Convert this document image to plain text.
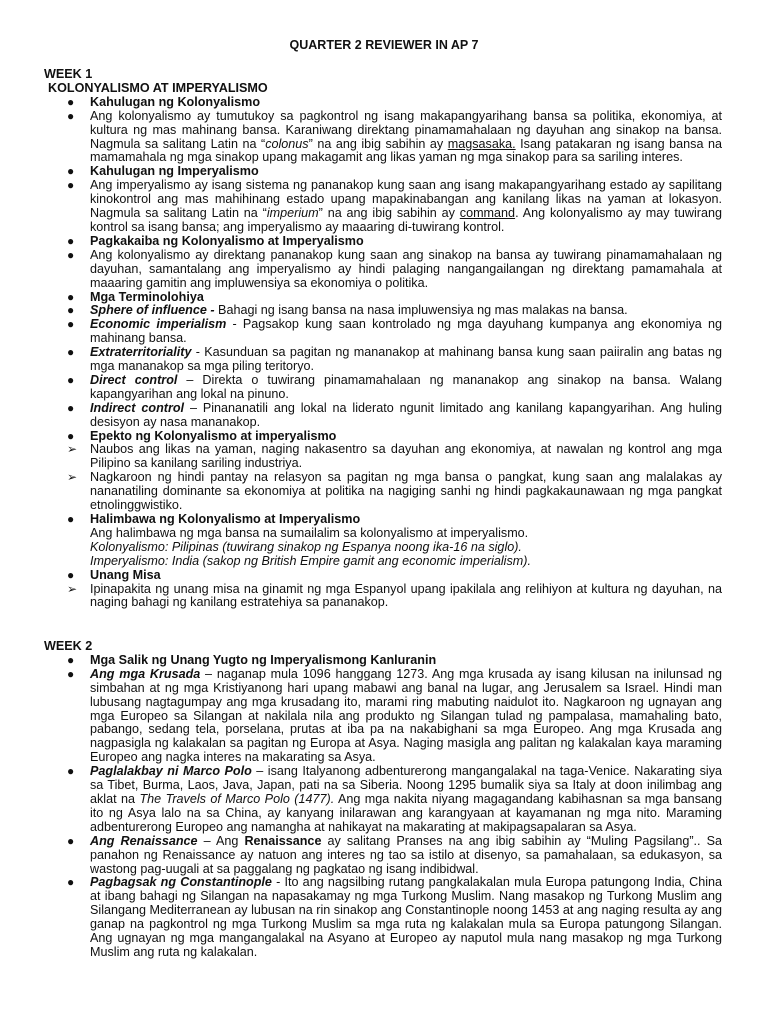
QUARTER 2 REVIEWER IN AP 7
WEEK 1
KOLONYALISMO AT IMPERYALISMO
● Kahulugan ng Kolonyalismo
● Ang kolonyalismo ay tumutukoy sa pagkontrol ng isang makapangyarihang bansa sa politika, ekonomiya, at kultura ng mas mahinang bansa. Karaniwang direktang pinamamahalaan ng dayuhan ang sinakop na bansa. Nagmula sa salitang Latin na “colonus” na ang ibig sabihin ay magsasaka. Isang patakaran ng isang bansa na mamamahala ng mga sinakop upang makagamit ang likas yaman ng mga sinakop para sa sariling interes.
● Kahulugan ng Imperyalismo
● Ang imperyalismo ay isang sistema ng pananakop kung saan ang isang makapangyarihang estado ay sapilitang kinokontrol ang mas mahihinang estado upang mapakinabangan ang kanilang likas na yaman at lokasyon. Nagmula sa salitang Latin na “imperium” na ang ibig sabihin ay command. Ang kolonyalismo ay may tuwirang kontrol sa isang bansa; ang imperyalismo ay maaaring di-tuwirang kontrol.
● Pagkakaiba ng Kolonyalismo at Imperyalismo
● Ang kolonyalismo ay direktang pananakop kung saan ang sinakop na bansa ay tuwirang pinamamahalaan ng dayuhan, samantalang ang imperyalismo ay hindi palaging nangangailangan ng direktang pamamahala at maaaring gamitin ang impluwensiya sa ekonomiya o politika.
● Mga Terminolohiya
● Sphere of influence - Bahagi ng isang bansa na nasa impluwensiya ng mas malakas na bansa.
● Economic imperialism - Pagsakop kung saan kontrolado ng mga dayuhang kumpanya ang ekonomiya ng mahinang bansa.
● Extraterritoriality - Kasunduan sa pagitan ng mananakop at mahinang bansa kung saan paiiralin ang batas ng mga mananakop sa mga piling teritoryo.
● Direct control – Direkta o tuwirang pinamamahalaan ng mananakop ang sinakop na bansa. Walang kapangyarihan ang lokal na pinuno.
● Indirect control – Pinananatili ang lokal na liderato ngunit limitado ang kanilang kapangyarihan. Ang huling desisyon ay nasa mananakop.
● Epekto ng Kolonyalismo at imperyalismo
➢ Naubos ang likas na yaman, naging nakasentro sa dayuhan ang ekonomiya, at nawalan ng kontrol ang mga Pilipino sa kanilang sariling industriya.
➢ Nagkaroon ng hindi pantay na relasyon sa pagitan ng mga bansa o pangkat, kung saan ang malalakas ay nananatiling dominante sa ekonomiya at politika na nagiging sanhi ng hindi pagkakaunawaan ng mga pangkat etnolinggwistiko.
● Halimbawa ng Kolonyalismo at Imperyalismo
Ang halimbawa ng mga bansa na sumailalim sa kolonyalismo at imperyalismo.
Kolonyalismo: Pilipinas (tuwirang sinakop ng Espanya noong ika-16 na siglo).
Imperyalismo: India (sakop ng British Empire gamit ang economic imperialism).
● Unang Misa
➢ Ipinapakita ng unang misa na ginamit ng mga Espanyol upang ipakilala ang relihiyon at kultura ng dayuhan, na naging bahagi ng kanilang estratehiya sa pananakop.
WEEK 2
● Mga Salik ng Unang Yugto ng Imperyalismong Kanluranin
● Ang mga Krusada – naganap mula 1096 hanggang 1273. Ang mga krusada ay isang kilusan na inilunsad ng simbahan at ng mga Kristiyanong hari upang mabawi ang banal na lugar, ang Jerusalem sa Israel. Hindi man lubusang nagtagumpay ang mga krusadang ito, marami ring mabuting naidulot ito. Nagkaroon ng ugnayan ang mga Europeo sa Silangan at nakilala nila ang produkto ng Silangan tulad ng pampalasa, mamahaling bato, pabango, sedang tela, porselana, prutas at iba pa na nakabighani sa mga Europeo. Ang mga Krusada ang nagpasigla ng kalakalan sa pagitan ng Europa at Asya. Naging masigla ang palitan ng kalakalan kaya maraming Europeo ang nagka interes na makarating sa Asya.
● Paglalakbay ni Marco Polo – isang Italyanong adbenturerong mangangalakal na taga-Venice. Nakarating siya sa Tibet, Burma, Laos, Java, Japan, pati na sa Siberia. Noong 1295 bumalik siya sa Italy at doon inilimbag ang aklat na The Travels of Marco Polo (1477). Ang mga nakita niyang magagandang kabihasnan sa mga bansang ito ng Asya lalo na sa China, ay kanyang inilarawan ang karangyaan at kayamanan ng mga nito. Maraming adbenturerong Europeo ang namangha at nahikayat na makarating at makipagsapalaran sa Asya.
● Ang Renaissance – Ang Renaissance ay salitang Pranses na ang ibig sabihin ay “Muling Pagsilang”.. Sa panahon ng Renaissance ay natuon ang interes ng tao sa istilo at disenyo, sa pamahalaan, sa edukasyon, sa wastong pag-uugali at sa paggalang ng pagkatao ng isang indibidwal.
● Pagbagsak ng Constantinople - Ito ang nagsilbing rutang pangkalakalan mula Europa patungong India, China at ibang bahagi ng Silangan na napasakamay ng mga Turkong Muslim. Nang masakop ng Turkong Muslim ang Silangang Mediterranean ay lubusan na rin sinakop ang Constantinople noong 1453 at ang naging resulta ay ang ganap na pagkontrol ng mga Turkong Muslim sa mga ruta ng kalakalan mula sa Europa patungong Silangan. Ang ugnayan ng mga mangangalakal na Asyano at Europeo ay naputol mula nang masakop ng mga Turkong Muslim ang ruta ng kalakalan.
